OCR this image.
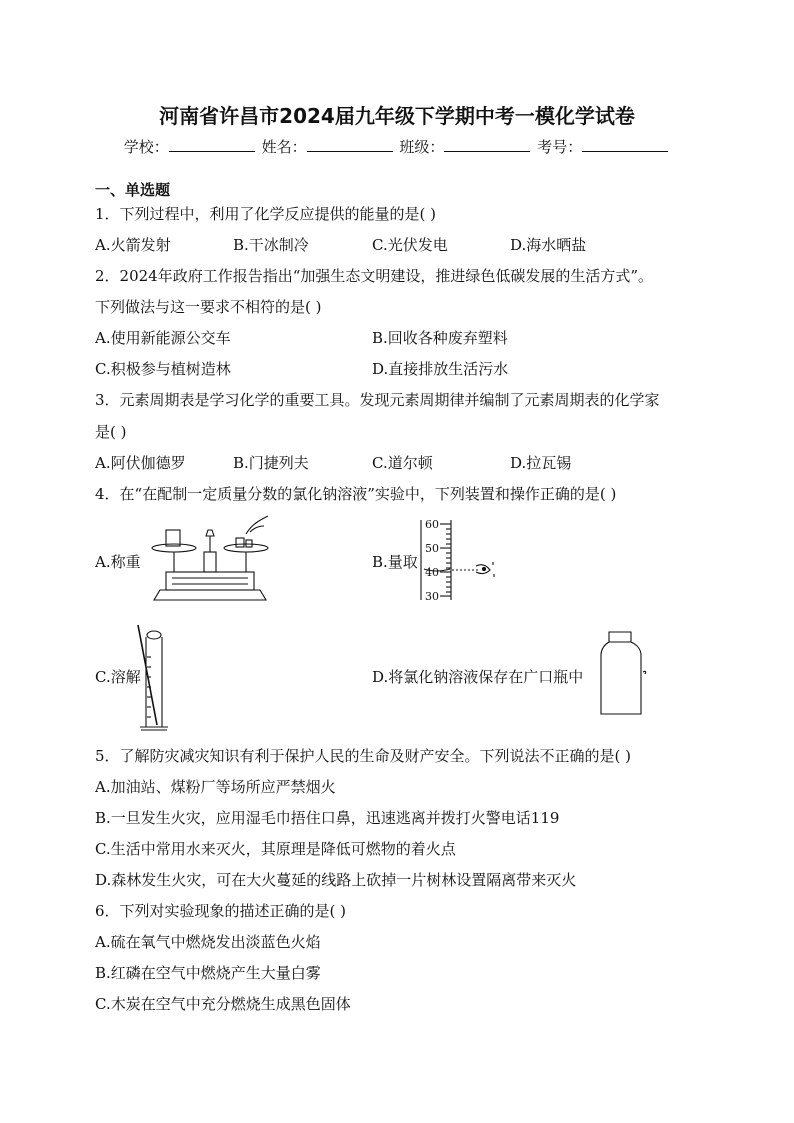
河南省许昌市2024届九年级下学期中考一模化学试卷
学校：	姓名：	班级：	考号：
一、单选题
1．下列过程中，利用了化学反应提供的能量的是( )
A.火箭发射	B.干冰制冷	C.光伏发电	D.海水晒盐
2．2024年政府工作报告指出“加强生态文明建设，推进绿色低碳发展的生活方式”。
下列做法与这一要求不相符的是( )
A.使用新能源公交车	B.回收各种废弃塑料
C.积极参与植树造林	D.直接排放生活污水
3．元素周期表是学习化学的重要工具。发现元素周期律并编制了元素周期表的化学家
是( )
A.阿伏伽德罗	B.门捷列夫	C.道尔顿	D.拉瓦锡
4．在“在配制一定质量分数的氯化钠溶液”实验中，下列装置和操作正确的是( )
A.称重	B.量取
C.溶解	D.将氯化钠溶液保存在广口瓶中
60
50
40
30
5．了解防灾减灾知识有利于保护人民的生命及财产安全。下列说法不正确的是( )
A.加油站、煤粉厂等场所应严禁烟火
B.一旦发生火灾，应用湿毛巾捂住口鼻，迅速逃离并拨打火警电话119
C.生活中常用水来灭火，其原理是降低可燃物的着火点
D.森林发生火灾，可在大火蔓延的线路上砍掉一片树林设置隔离带来灭火
6．下列对实验现象的描述正确的是( )
A.硫在氧气中燃烧发出淡蓝色火焰
B.红磷在空气中燃烧产生大量白雾
C.木炭在空气中充分燃烧生成黑色固体
